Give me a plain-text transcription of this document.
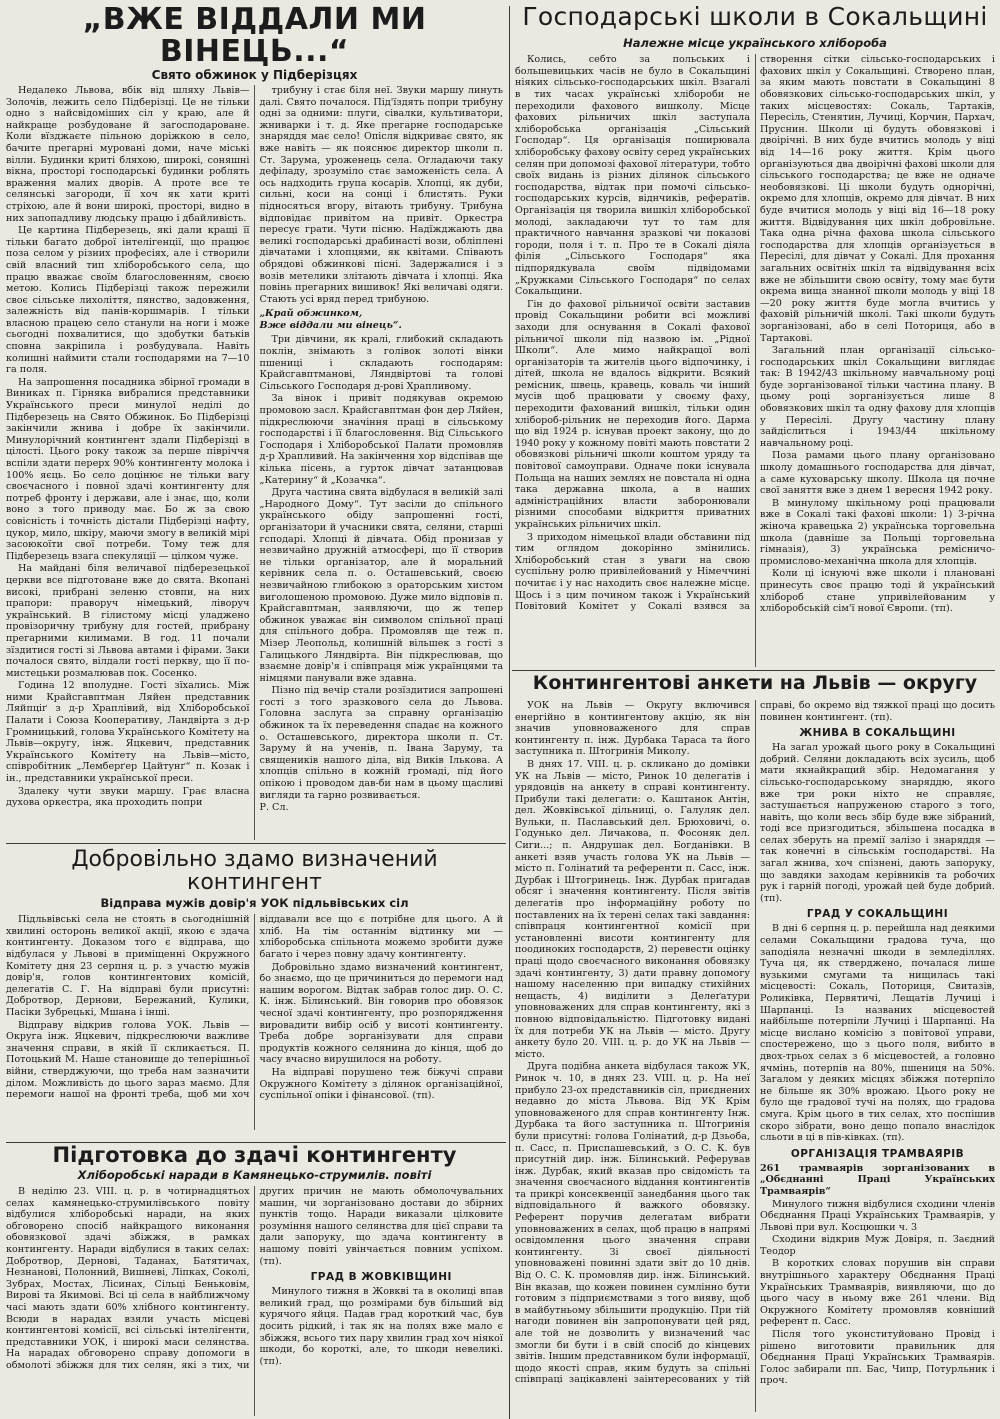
„ВЖЕ ВІДДАЛИ МИ ВІНЕЦЬ...“
Свято обжинок у Підберізцях

Недалеко Львова, вбік від шляху Львів—Золочів, лежить село Підберізці. Це не тільки одно з найсвідоміших сіл у краю, але й найкраще розбудоване й загосподароване. Коли вїзджаєте пільною доріжкою в село, бачите прегарні муровані доми, наче міські вілли. Будинки криті бляхою, широкі, соняшні вікна, просторі господарські будинки роблять враження малих дворів. А проте все те селянські загороди, її хоч як хати криті стріхою, але й вони широкі, просторі, видно в них запопадливу людську працю і дбайливість.

Це картина Підберезець, які дали кращі її тільки багато доброї інтелігенції, що працює поза селом у різних професіях, але і створили свій власний тип хліборобського села, що працю вважає своїм благословенням, своєю метою. Колись Підберізці також пережили своє сільське лихоліття, пянство, задовження, залежність від панів-коршмарів. І тільки власною працею село станули на ноги і може сьогодні похвалитися, що здобутки батьків сповна закріпила і розбудувала. Навіть колишні наймити стали господарями на 7—10 га поля.

На запрошення посадника збірної громади в Виниках п. Гірняка вибралися представники Українського преси минулої неділі до Підберезець на Свято Обжинок. Бо Підберізці закінчили жнива і добре їх закінчили. Минулорічний контингент здали Підберізці в цілості. Цього року також за перше півріччя вспіли здати перерх 90% контингенту молока і 100% яєць. Бо село доцінює не тільки вагу своєчасного і повної здачі контингенту для потреб фронту і держави, але і знає, що, коли воно з того приводу має. Бо ж за свою совісність і точність дістали Підберізці нафту, цукор, мило, шкіру, маючи змогу в великій мірі засоюкоїти свої потреби. Тому теж для Підберезець взага спекуляції — цілком чуже.

На майдані біля величавої підберезецької церкви все підготоване вже до свята. Вкопані високі, прибрані зеленю стовпи, на них прапори: праворуч німецький, ліворуч український. В гілистому місці уладжено провізоричну трибуну для гостей, прибрану прегарними килимами. В год. 11 почали зїздитися гості зі Львова автами і фірами. Заки почалося свято, вілдали гості перкву, що її по-мистецьки розмалював пок. Сосенко.

Година 12 вполудне. Гості зїхались. Між ними Крайсгавптман Ляйен представник Ляйпціґ з д-р Храплівий, від Хліборобської Палати і Союза Кооперативу, Ландвірта з д-р Громницький, голова Українського Комітету на Львів—округу, інж. Яцкевич, представник Українського Комітету на Львів—місто, співробітник „Лемберґер Цайтунґ“ п. Козак і ін., представники української преси.

Здалеку чути звуки маршу. Грає власна духова оркестра, яка проходить попри

трибуну і стає біля неї. Звуки маршу линуть далі. Свято почалося. Під'їздять попри трибуну одні за одними: плуги, сівалки, культиватори, жниварки і т. д. Яке прегарне господарське знаряддя має село! Опісля відкриває свято, як вже навіть — як пояснює директор школи п. Ст. Зарума, уроженець села. Огладаючи таку дефіладу, зрозуміло стає заможеність села. А ось надходить група косарів. Хлопці, як дуби, сильні, коси на сонці і блистять. Руки підносяться вгору, вітають трибуну. Трибуна відповідає привітом на привіт. Оркестра пересує грати. Чути пісню. Надїжджають два великі господарські драбинасті вози, обліплені дівчатами і хлопцями, як квітами. Співають обрядові обжинкові пісні. Задержалися і з возів метелики злітають дівчата і хлопці. Яка повінь прегарних вишивок! Які величаві одяги. Стають усі вряд перед трибуною.

„Край обжинком,
Вже віддали ми вінець“.

Три дівчини, як кралі, глибокий складають поклін, знімають з голівок золоті вінки пшениці і складають господарям: Крайсгавптманові, Ляндвіртові та голові Сільського Господаря д-рові Храпливому.

За вінок і привіт подякував окремою промовою засл. Крайсгавптман фон дер Ляйен, підкреслюючи значіння праці в сільському господарстві і її благословення. Від Сільського Господаря і Хліборобської Палати промовляв д-р Храпливий. На закінчення хор відспівав ще кілька пісень, а гурток дівчат затанцював „Катерину“ й „Козачка“.

Друга частина свята відбулася в великій залі „Народного Дому“. Тут засіли до спільного українського обіду запрошенні гості, організатори й учасники свята, селяни, старші гсподарі. Хлопці й дівчата. Обід пронизав у незвичайно дружній атмосфері, що її створив не тільки організатор, але й моральний керівник села п. о. Осташевський, своєю незвичайною глибокою з ораторським хистом виголошеною промовою. Дуже мило відповів п. Крайсгавптман, заявляючи, що ж тепер обжинок уважає він символом спільної праці для спільного добра. Промовляв ще теж п. Мізер Леопольд, колишній вільшек з гості з Галицького Ляндвірта. Він підкреслював, що взаємне довір'я і співпраця між українцями та німцями панували вже здавна.

Пізно під вечір стали розїздитися запрошені гості з того зразкового села до Львова. Головна заслуга за справну організацію обжинок та їх переведення спадає на кожного о. Осташевського, директора школи п. Ст. Заруму й на ученів, п. Івана Заруму, та священиків нашого діла, від Виків Ількова. А хлопців спільно в кожній громаді, під його опікою і проводом дав-би нам в цьому щасливі вигляди та гарно розвивається.

Р. Сл.

Добровільно здамо визначений контингент
Відправа мужів довір'я УОК підльвівських сіл

Підльвівські села не стоять в сьогоднішній хвилині осторонь великої акції, якою є здача контингенту. Доказом того є відправа, що відбулася у Львові в приміщенні Окружного Комітету дня 23 серпня ц. р. з участю мужів довір'я, голов контингентових комісій, делегатів С. Г. На відправі були присутні: Добротвор, Дернови, Бережаний, Кулики, Пасіки Зубрецькі, Мшана і інші.

Відправу відкрив голова УОК. Львів — Округа інж. Яцкевич, підкреслюючи важливе значення справи, в якій її скликається. П. Потоцький М. Наше становище до теперішньої війни, стверджуючи, що треба нам зазначити ділом. Можливість до цього зараз маємо. Для перемоги нашої на фронті треба, щоб ми хоч віддавали все що є потрібне для цього. А й хліб. На тім останнім відтинку ми — хліборобська спільнота можемо зробити дуже багато і через повну здачу контингенту.

Добровільно здамо визначений контингент, бо знаємо, що це причиниться до перемоги над нашим ворогом. Відтак забрав голос дир. О. С. К. інж. Білинський. Він говорив про обовязок чесної здачі контингенту, про розпорядження вировадити вибір осіб у висоті контингенту. Треба добре зорганізувати для справи продуктів кожного селянина до кінця, щоб до часу вчасно вирушилося на роботу.

На відправі порушено теж біжучі справи Окружного Комітету з ділянок організаційної, суспільної опіки і фінансової. (тп).

Підготовка до здачі контингенту
Хліборобські наради в Камянецько-струмилів. повіті

В неділю 23. VIII. ц. р. в чотирнадцятьох селах камянецько-струмилівського повіту відбулися хліборобські наради, на яких обговорено спосіб найкращого виконання обовязкової здачі збіжжя, в рамках контингенту. Наради відбулися в таких селах: Добротвор, Дернові, Таданах, Батятичах, Незнанові, Полонний, Вишневі, Ліпках, Соколі, Зубрах, Мостах, Лісинах, Сільці Беньковім, Вирові та Якимові. Всі ці села в найближчому часі мають здати 60% хлібного контингенту. Всюди в нарадах взяли участь місцеві контингентові комісії, всі сільські інтелігенти, представники УОК, і широкі маси селянства. На нарадах обговорено справу допомоги в обмолоті збіжжя для тих селян, які з тих, чи других причин не мають обмолочувальних машин, чи зорганізовано достави до збірних пунктів тощо. Наради виказали цілковите розуміння нашого селянства для цієї справи та дали запоруку, що здача контингенту в нашому повіті увінчається повним успіхом. (тп).

ГРАД В ЖОВКІВЩИНІ

Минулого тижня в Жовкві та в околиці впав великий град, що розмірами був більший від курячого яйця. Падав град короткий час, був досить рідкий, і так як на полях вже мало є збіжжя, всього тих пару хвилин град хоч ніякої шкоди, бо короткі, але, то шкоди невеликі. (тп).

Господарські школи в Сокальщині
Належне місце українського хлібороба

Колись, себто за польських і большевицьких часів не було в Сокальщині ніяких сільсько-господарських шкіл. Взагалі в тих часах українські хлібороби не переходили фахового вишколу. Місце фахових рільничих шкіл заступала хліборобська організація „Сільський Господар“. Ця організація поширювала хліборобську фахову освіту серед українських селян при допомозі фахової літератури, тобто своїх видань із різних ділянок сільського господарства, відтак при помочі сільсько-господарських курсів, віднчиків, рефератів. Організація ця творила вишкіл хліборобської молоді, закладаючи тут то там для практичного навчання зразкові чи показові городи, поля і т. п. Про те в Сокалі діяла філія „Сільського Господаря“ яка підпорядкувала своїм підвідомами „Кружками Сільського Господаря“ по селах Сокальщини.

Гін до фахової рільничої освіти заставив провід Сокальщини робити всі можливі заходи для оснування в Сокалі фахової рільничої школи під назвою ім. „Рідної Школи“. Але мимо найкращої волі організаторів та жителів цього відпочинку, і дітей, школа не вдалось відкрити. Всякий ремісник, швець, кравець, коваль чи інший мусів щоб працювати у своєму фаху, переходити фахований вишкіл, тільки один хлібороб-рільник не переходив його. Дарма що від 1924 р. існував проект закону, що до 1940 року у кожному повіті мають повстати 2 обовязкові рільничі школи коштом уряду та повітової самоуправи. Одначе поки існувала Польща на наших землях не повстала ні одна така державна школа, а в наших адміністраційних власти заборонювали різними способами відкриття приватних українських рільничих шкіл.

З приходом німецької влади обставини під тим оглядом докорінно змінились. Хліборобський стан з уваги на свою суспільну ролю привілейований у Німеччині почитає і у нас находить своє належне місце. Щось і з цим почином також і Український Повітовий Комітет у Сокалі взявся за створення сітки сільсько-господарських і фахових шкіл у Сокальщині. Створено план, за яким мають повстати в Сокальщині 8 обовязкових сільсько-господарських шкіл, у таких місцевостях: Сокаль, Тартаків, Пересіль, Стенятин, Лучиці, Корчин, Пархач, Пруснин. Школи ці будуть обовязкові і двоірічні. В них буде вчитись молодь у віці від 14—16 року життя. Крім цього організуються два двоірічні фахові школи для сільського господарства; це вже не одначе необовязкові. Ці школи будуть однорічні, окремо для хлопців, окремо для дівчат. В них буде вчитися молодь у віці від 16—18 року життя. Відвідування цих шкіл добровільне. Така одна річна фахова школа сільського господарства для хлопців організується в Пересілі, для дівчат у Сокалі. Для прохання загальних освітніх шкіл та відвідування всіх вже не збільшити свою освіту, тому має бути окрема вища знанної школи молодь у віці 18—20 року життя буде могла вчитись у фаховій рільничій школі. Такі школи будуть зорганізовані, або в селі Поториця, або в Тартакові.

Загальний план організації сільсько-господарських шкіл Сокальщини виглядає так: В 1942/43 шкільному навчальному році буде зорганізованої тільки частина плану. В цьому році зорганізується лише 8 обовязкових шкіл та одну фахову для хлопців у Пересілі. Другу частину плану зайдіслиться і 1943/44 шкільному навчальному році.

Поза рамами цього плану організовано школу домашнього господарства для дівчат, а саме куховарську школу. Школа ця почне свої заняття вже з днем 1 вересня 1942 року.

В минулому шкільному році працювали вже в Сокалі такі фахові школи: 1) 3-річна жіноча кравецька 2) українська торговельна школа (давніше за Польщі торговельна гімназія), 3) українська ремісничо-промислово-механічна школа для хлопців.

Коли ці існуючі вже школи і плановані принесуть своє працю тоді й український хлібороб стане упривілейованим у хліборобській сім'ї нової Європи. (тп).

Контингентові анкети на Львів — округу

УОК на Львів — Округу включився енергійно в контингентову акцію, як він значив уповноваженого для справ контингенту п. інж. Дурбака Тараса та його заступника п. Штогринія Миколу.

В днях 17. VIII. ц. р. скликано до домівки УК на Львів — місто, Ринок 10 делегатів і урядовців на анкету в справі контингенту. Прибули такі делегати: о. Каштанок Антін, дел. Жовківської дільниці, о. Галуляк дел. Вульки, п. Паславський дел. Брюховичі, о. Годунько дел. Личакова, п. Фосоняк дел. Сиги...; п. Андрушак дел. Богданівки. В анкеті взяв участь голова УК на Львів — місто п. Голінатий та референти п. Сасс, інж. Дурбак і Штогринець. Інж. Дурбак пригадав обсяг і значення контингенту. Після звітів делегатів про інформаційну роботу по поставлених на їх терені селах такі завдання: співпраця контингентної комісії при установленні висоти контингенту для поодиноких господарств, 2) перевести оцінку праці щодо своєчасного виконання обовязку здачі контингенту, 3) дати правну допомогу нашому населенню при випадку стихійних нещасть, 4) виділити з Делеґатури уповноважених для справ контингенту, які з повною відповідальністю. Підготовку видані їх для потреби УК на Львів — місто. Другу анкету було 20. VIII. ц. р. до УК на Львів — місто.

Друга подібна анкета відбулася також УК, Ринок ч. 10, в днях 23. VIII. ц. р. На неї прибуло 23-ох представників сіл, приєднених недавно до міста Львова. Від УК Крім уповноваженого для справ контингенту Інж. Дурбака та його заступника п. Штогринія були присутні: голова Голінатий, д-р Дзьоба, п. Сасс, п. Приспашевський, з О. С. К. був присутній дир. інж. Білинський. Реферував інж. Дурбак, який вказав про свідомість та значення своєчасного віддання контингентів та прикрі консеквенції занедбання цього так відповідального й важкого обовязку. Референт поручив делегатам вибрати уповноважених в селах, щоб працю в напрямі освідомлення цього значення справи контингенту. Зі своєї діяльності уповноважені повинні здати звіт до 10 днів. Від О. С. К. промовляв дир. інж. Білинський. Він вказав, що кожен повинен сумлінно бути готовим з підприємствами з того вияву, щоб в майбутньому збільшити продукцію. При тій нагоди повинен він запропонувати цей ряд, але той не дозволить у визначений час змогли би бути і в свій спосіб до кінцевих звітів. Іншим представником були інформації, щодо якості справ, яким будуть за спільні співпраці зацікавлені заінтересованих у тій справі, бо окремо від тяжкої праці що досить повинен контингент. (тп).

ЖНИВА В СОКАЛЬЩИНІ

На загал урожай цього року в Сокальщині добрий. Селяни докладають всіх зусиль, щоб мати якнайкращий збір. Недомагання у сільсько-господарському знаряддю, якого вже три роки ніхто не справляє, застушається напруженою старого з того, навіть, що коли весь збір буде вже зібраний, тоді все призгодиться, збільшена посадка в селах зберуть на премії залізо і знаряддя — так конечні в сільськім господарстві. На загал жнива, хоч спізнені, дають запоруку, що завдяки заходам керівників та робочих рук і гарній погоді, урожай цей буде добрий. (тп).

ГРАД У СОКАЛЬЩИНІ

В дні 6 серпня ц. р. перейшла над деякими селами Сокальщини градова туча, що заподіяла незначні шкоди в земледіллях. Туча ця, як стверджено, почалася лише вузькими смугами та нищилась такі місцевості: Сокаль, Поториця, Свитазів, Роликівка, Первятичі, Лещатів Лучиці і Шарпанці. Із названих місцевостей найбільше потерпіли Лучиці і Шарпанці. На місце вислано комісію з повітової управи, спостережено, що з цього поля, вибито в двох-трьох селах з 6 місцевостей, а головно ячмінь, потерпів на 80%, пшениця на 50%. Загалом у деяких місцях збіжжя потерпіло не більше як 30% врожаю. Цього року не було ще градової тучі на полях, що градова смуга. Крім цього в тих селах, хто поспішив скоро зібрати, воно дещо попало внаслідок сльоти в ці в пів-ківках. (тп).

ОРГАНІЗАЦІЯ ТРАМВАЯРІВ

261 трамваярів зорганізованих в „Обєднанні Праці Українських Трамваярів“

Минулого тижня відбулися сходини членів Обєднання Праці Українських Трамваярів, у Львові при вул. Косцюшки ч. 3

Сходини відкрив Муж Довіря, п. Заєдний Теодор

В коротких словах порушив він справи внутрішнього характеру Обєднання Праці Українських Трамваярів, виявляючи, що до цього часу в ньому вже 261 члени. Від Окружного Комітету промовляв ковніший референт п. Сасс.

Після того уконституйовано Провід і рішено виготовити правильник для Обєднання Праці Українських Трамваярів. Голос забирали пп. Бас, Чипр, Потурльник і проч.
